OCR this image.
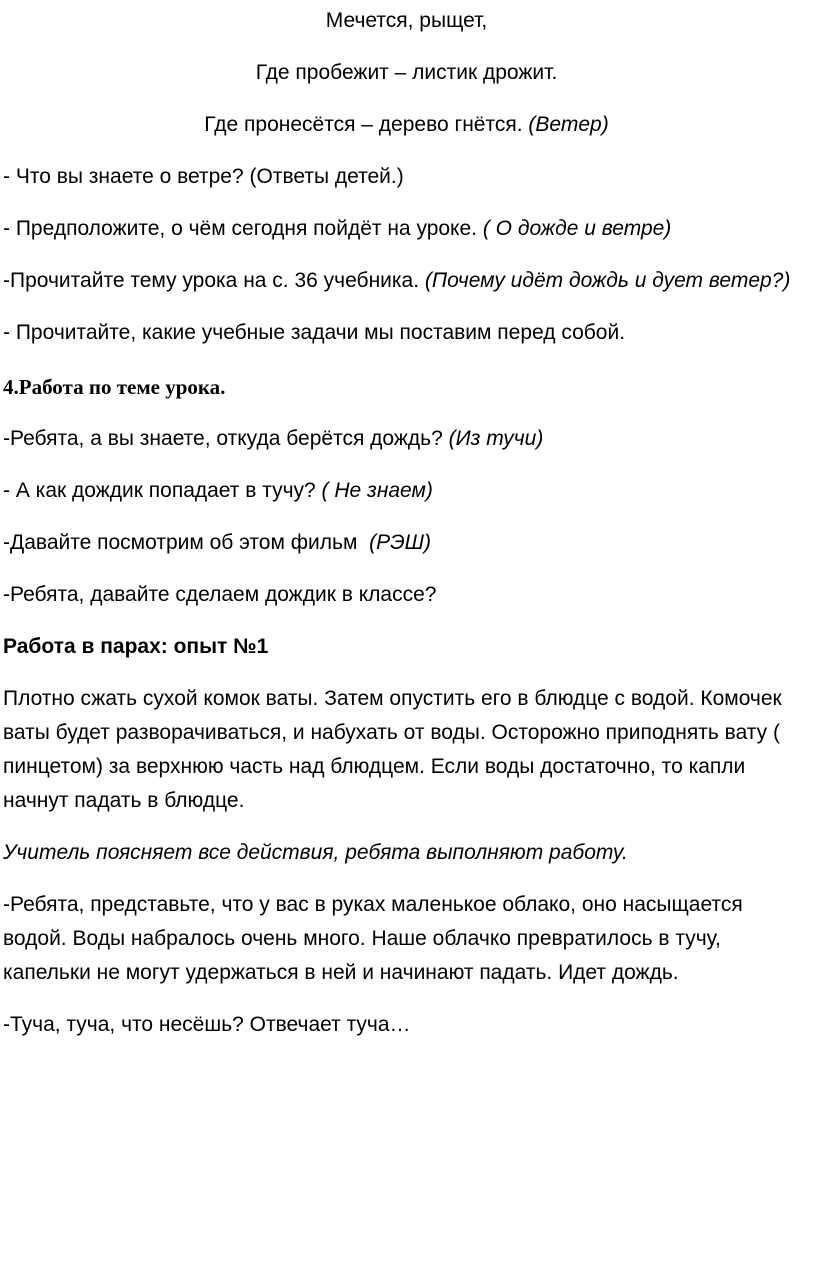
Мечется, рыщет,

Где пробежит – листик дрожит.

Где пронесётся – дерево гнётся. (Ветер)

- Что вы знаете о ветре? (Ответы детей.)

- Предположите, о чём сегодня пойдёт на уроке. ( О дожде и ветре)

-Прочитайте тему урока на с. 36 учебника. (Почему идёт дождь и дует ветер?)

- Прочитайте, какие учебные задачи мы поставим перед собой.

4.Работа по теме урока.

-Ребята, а вы знаете, откуда берётся дождь? (Из тучи)

- А как дождик попадает в тучу? ( Не знаем)

-Давайте посмотрим об этом фильм (РЭШ)

-Ребята, давайте сделаем дождик в классе?

Работа в парах: опыт №1

Плотно сжать сухой комок ваты. Затем опустить его в блюдце с водой. Комочек ваты будет разворачиваться, и набухать от воды. Осторожно приподнять вату ( пинцетом) за верхнюю часть над блюдцем. Если воды достаточно, то капли начнут падать в блюдце.

Учитель поясняет все действия, ребята выполняют работу.

-Ребята, представьте, что у вас в руках маленькое облако, оно насыщается водой. Воды набралось очень много. Наше облачко превратилось в тучу, капельки не могут удержаться в ней и начинают падать. Идет дождь.

-Туча, туча, что несёшь? Отвечает туча…
